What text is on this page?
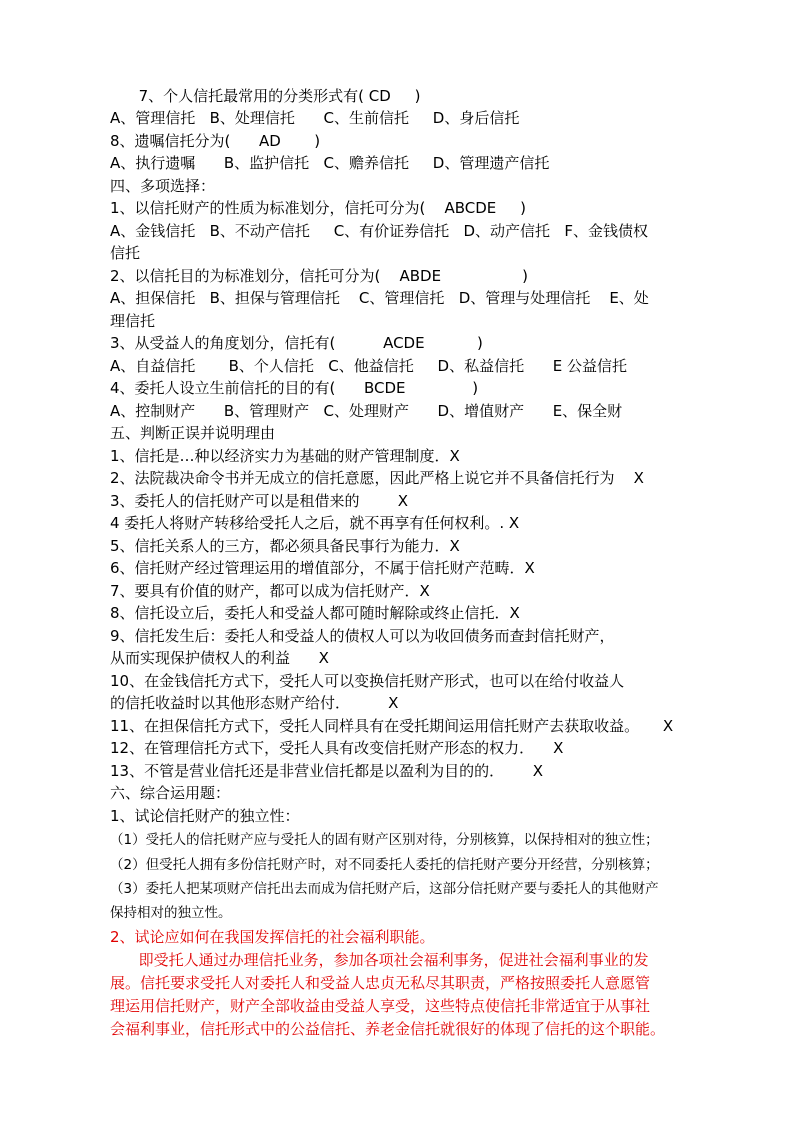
7、个人信托最常用的分类形式有( CD     )
A、管理信托   B、处理信托      C、生前信托     D、身后信托
8、遗嘱信托分为(      AD       )
A、执行遗嘱      B、监护信托   C、赡养信托     D、管理遗产信托
四、多项选择：
1、以信托财产的性质为标准划分，信托可分为(    ABCDE     )
A、金钱信托   B、不动产信托     C、有价证券信托   D、动产信托   F、金钱债权
信托
2、以信托目的为标准划分，信托可分为(    ABDE                 )
A、担保信托   B、担保与管理信托    C、管理信托   D、管理与处理信托    E、处
理信托
3、从受益人的角度划分，信托有(          ACDE           )
A、自益信托       B、个人信托   C、他益信托     D、私益信托      E 公益信托
4、委托人设立生前信托的目的有(      BCDE              )
A、控制财产      B、管理财产   C、处理财产      D、增值财产      E、保全财
五、判断正误并说明理由
1、信托是…种以经济实力为基础的财产管理制度．X
2、法院裁决命令书并无成立的信托意愿，因此严格上说它并不具备信托行为    X
3、委托人的信托财产可以是租借来的        X
4 委托人将财产转移给受托人之后，就不再享有任何权利。. X
5、信托关系人的三方，都必须具备民事行为能力．X
6、信托财产经过管理运用的增值部分，不属于信托财产范畴．X
7、要具有价值的财产，都可以成为信托财产．X
8、信托设立后，委托人和受益人都可随时解除或终止信托．X
9、信托发生后：委托人和受益人的债权人可以为收回债务而查封信托财产，
从而实现保护债权人的利益      X
10、在金钱信托方式下，受托人可以变换信托财产形式，也可以在给付收益人
的信托收益时以其他形态财产给付．        X
11、在担保信托方式下，受托人同样具有在受托期间运用信托财产去获取收益。     X
12、在管理信托方式下，受托人具有改变信托财产形态的权力．    X
13、不管是营业信托还是非营业信托都是以盈利为目的的．      X
六、综合运用题：
1、试论信托财产的独立性：
（1）受托人的信托财产应与受托人的固有财产区别对待，分别核算，以保持相对的独立性；
（2）但受托人拥有多份信托财产时，对不同委托人委托的信托财产要分开经营，分别核算；
（3）委托人把某项财产信托出去而成为信托财产后，这部分信托财产要与委托人的其他财产
保持相对的独立性。
2、试论应如何在我国发挥信托的社会福利职能。
即受托人通过办理信托业务，参加各项社会福利事务，促进社会福利事业的发
展。信托要求受托人对委托人和受益人忠贞无私尽其职责，严格按照委托人意愿管
理运用信托财产，财产全部收益由受益人享受，这些特点使信托非常适宜于从事社
会福利事业，信托形式中的公益信托、养老金信托就很好的体现了信托的这个职能。
